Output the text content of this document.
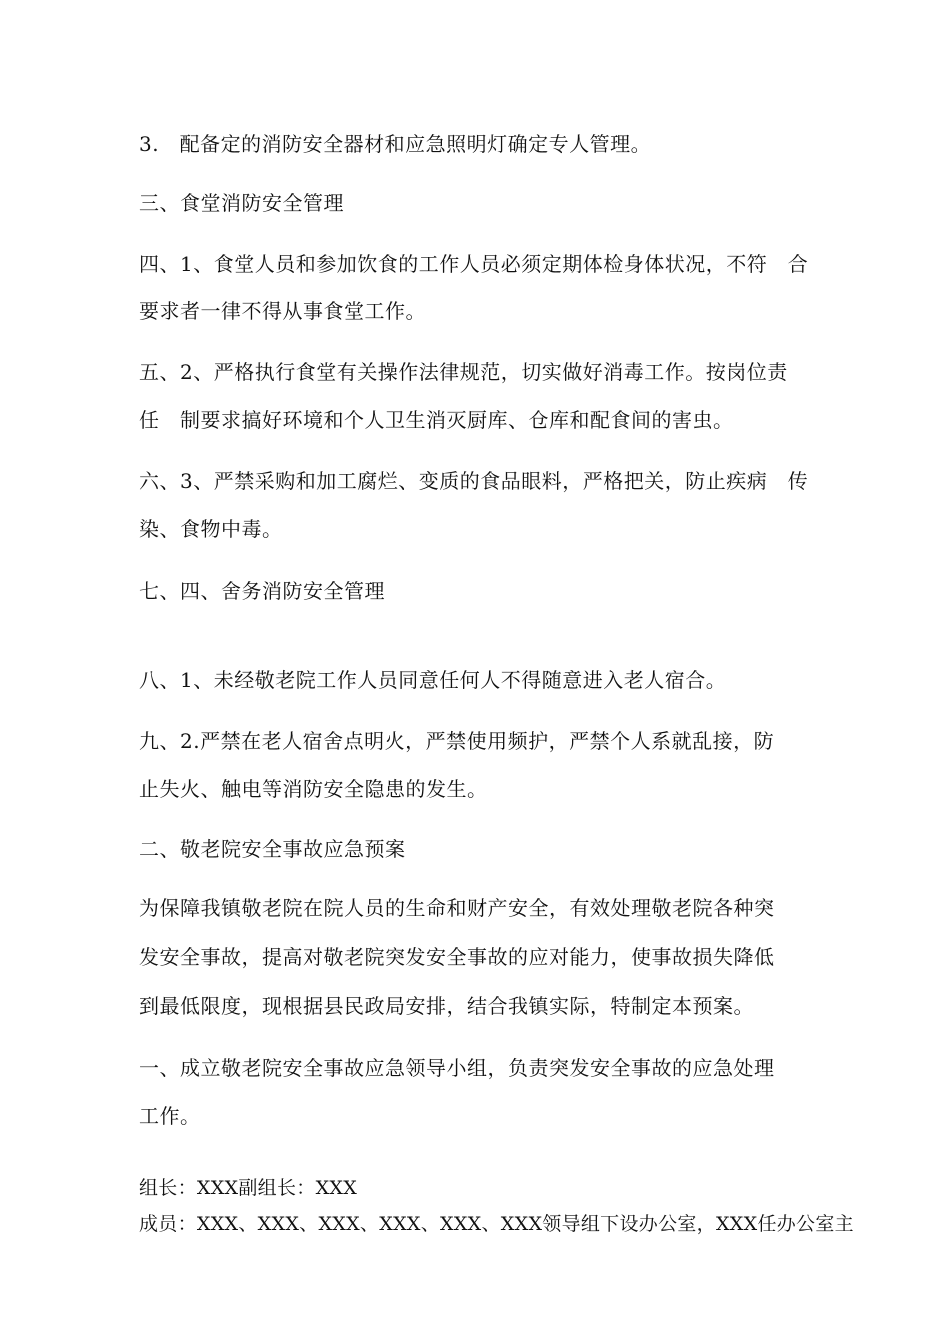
3.　配备定的消防安全器材和应急照明灯确定专人管理。
三、食堂消防安全管理
四、1、食堂人员和参加饮食的工作人员必须定期体检身体状况，不符　合
要求者一律不得从事食堂工作。
五、2、严格执行食堂有关操作法律规范，切实做好消毒工作。按岗位责
任　制要求搞好环境和个人卫生消灭厨库、仓库和配食间的害虫。
六、3、严禁采购和加工腐烂、变质的食品眼料，严格把关，防止疾病　传
染、食物中毒。
七、四、舍务消防安全管理
八、1、未经敬老院工作人员同意任何人不得随意进入老人宿合。
九、2.严禁在老人宿舍点明火，严禁使用频护，严禁个人系就乱接，防
止失火、触电等消防安全隐患的发生。
二、敬老院安全事故应急预案
为保障我镇敬老院在院人员的生命和财产安全，有效处理敬老院各种突
发安全事故，提高对敬老院突发安全事故的应对能力，使事故损失降低
到最低限度，现根据县民政局安排，结合我镇实际，特制定本预案。
一、成立敬老院安全事故应急领导小组，负责突发安全事故的应急处理
工作。
组长：XXX副组长：XXX
成员：XXX、XXX、XXX、XXX、XXX、XXX领导组下设办公室，XXX任办公室主
